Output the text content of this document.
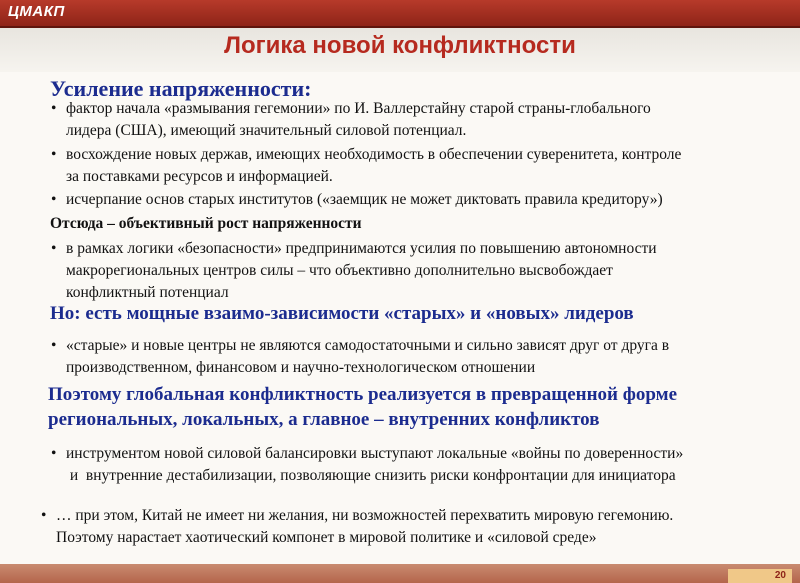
ЦМАКП
Логика новой конфликтности
Усиление напряженности:
• фактор начала «размывания гегемонии» по И. Валлерстайну старой страны-глобального
лидера (США), имеющий значительный силовой потенциал.
• восхождение новых держав, имеющих необходимость в обеспечении суверенитета, контроле
за поставками ресурсов и информацией.
• исчерпание основ старых институтов («заемщик не может диктовать правила кредитору»)
Отсюда – объективный рост напряженности
• в рамках логики «безопасности» предпринимаются усилия по повышению автономности
макрорегиональных центров силы – что объективно дополнительно высвобождает
конфликтный потенциал
Но: есть мощные взаимо-зависимости «старых» и «новых» лидеров
• «старые» и новые центры не являются самодостаточными и сильно зависят друг от друга в
производственном, финансовом и научно-технологическом отношении
Поэтому глобальная конфликтность реализуется в превращенной форме
региональных, локальных, а главное – внутренних конфликтов
• инструментом новой силовой балансировки выступают локальные «войны по доверенности»
и  внутренние дестабилизации, позволяющие снизить риски конфронтации для инициатора
• … при этом, Китай не имеет ни желания, ни возможностей перехватить мировую гегемонию.
Поэтому нарастает хаотический компонет в мировой политике и «силовой среде»
20
